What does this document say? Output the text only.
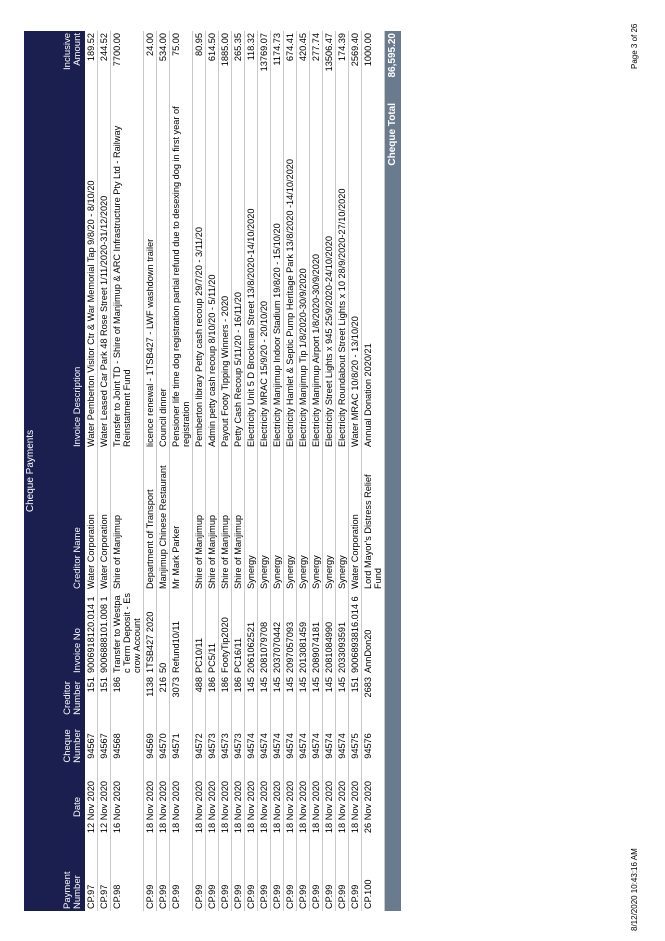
Cheque Payments							
Payment Number	Date	Cheque Number	Creditor Number	Invoice No	Creditor Name	Invoice Description	Inclusive Amount
CP.97	12 Nov 2020	94567	151	9006918120.014 1	Water Corporation	Water Pemberton Visitor Ctr & War Memorial Tap 9/8/20 - 8/10/20	189.52
CP.97	12 Nov 2020	94567	151	9006888101.008 1	Water Corporation	Water Leased Car Park 48 Rose Street 1/11/2020-31/12/2020	244.52
CP.98	16 Nov 2020	94568	186	Transfer to Westpac Term Deposit - Escrow Account	Shire of Manjimup	Transfer to Joint TD - Shire of Manjimup & ARC Infrastructure Pty Ltd - Railway Reinstatment Fund	7700.00
CP.99	18 Nov 2020	94569	1138	1TSB427 2020	Department of Transport	licence renewal - 1TSB427 - LWF washdown trailer	24.00
CP.99	18 Nov 2020	94570	216	50	Manjimup Chinese Restaurant	Council dinner	534.00
CP.99	18 Nov 2020	94571	3073	Refund10/11	Mr Mark Parker	Pensioner life time dog registration partial refund due to desexing dog in first year of registration	75.00
CP.99	18 Nov 2020	94572	488	PC10/11	Shire of Manjimup	Pemberton library Petty cash recoup 29/7/20 - 3/11/20	80.95
CP.99	18 Nov 2020	94573	186	PC5/11	Shire of Manjimup	Admin petty cash recoup 8/10/20 - 5/11/20	614.50
CP.99	18 Nov 2020	94573	186	FootyTip2020	Shire of Manjimup	Payout Footy Tipping Winners - 2020	1885.00
CP.99	18 Nov 2020	94573	186	PC16/11	Shire of Manjimup	Petty Cash Recoup 5/11/20 - 16/11/20	265.35
CP.99	18 Nov 2020	94574	145	2061062521	Synergy	Electricity Unit 5 D Brockman Street 13/8/2020-14/10/2020	118.32
CP.99	18 Nov 2020	94574	145	2081079708	Synergy	Electricity MRAC 15/9/20 - 20/10/20	13769.07
CP.99	18 Nov 2020	94574	145	2037070442	Synergy	Electricity Manjimup Indoor Stadium 19/8/20 - 15/10/20	1174.73
CP.99	18 Nov 2020	94574	145	2097057093	Synergy	Electricity Hamlet & Septic Pump Heritage Park 13/8/2020 -14/10/2020	674.41
CP.99	18 Nov 2020	94574	145	2013081459	Synergy	Electricity Manjimup Tip 1/8/2020-30/9/2020	420.45
CP.99	18 Nov 2020	94574	145	2089074181	Synergy	Electricity Manjimup Airport 1/8/2020-30/9/2020	277.74
CP.99	18 Nov 2020	94574	145	2081084990	Synergy	Electricity Street Lights x 945 25/9/2020-24/10/2020	13506.47
CP.99	18 Nov 2020	94574	145	2033093591	Synergy	Electricity Roundabout Street Lights x 10 28/9/2020-27/10/2020	174.39
CP.99	18 Nov 2020	94575	151	9006893816.014 6	Water Corporation	Water MRAC 10/8/20 - 13/10/20	2569.40
CP.100	26 Nov 2020	94576	2683	AnnDon20	Lord Mayor's Distress Relief Fund	Annual Donation 2020/21	1000.00
Cheque Total							86,595.20
8/12/2020 10:43:16 AM
Page 3 of 26
